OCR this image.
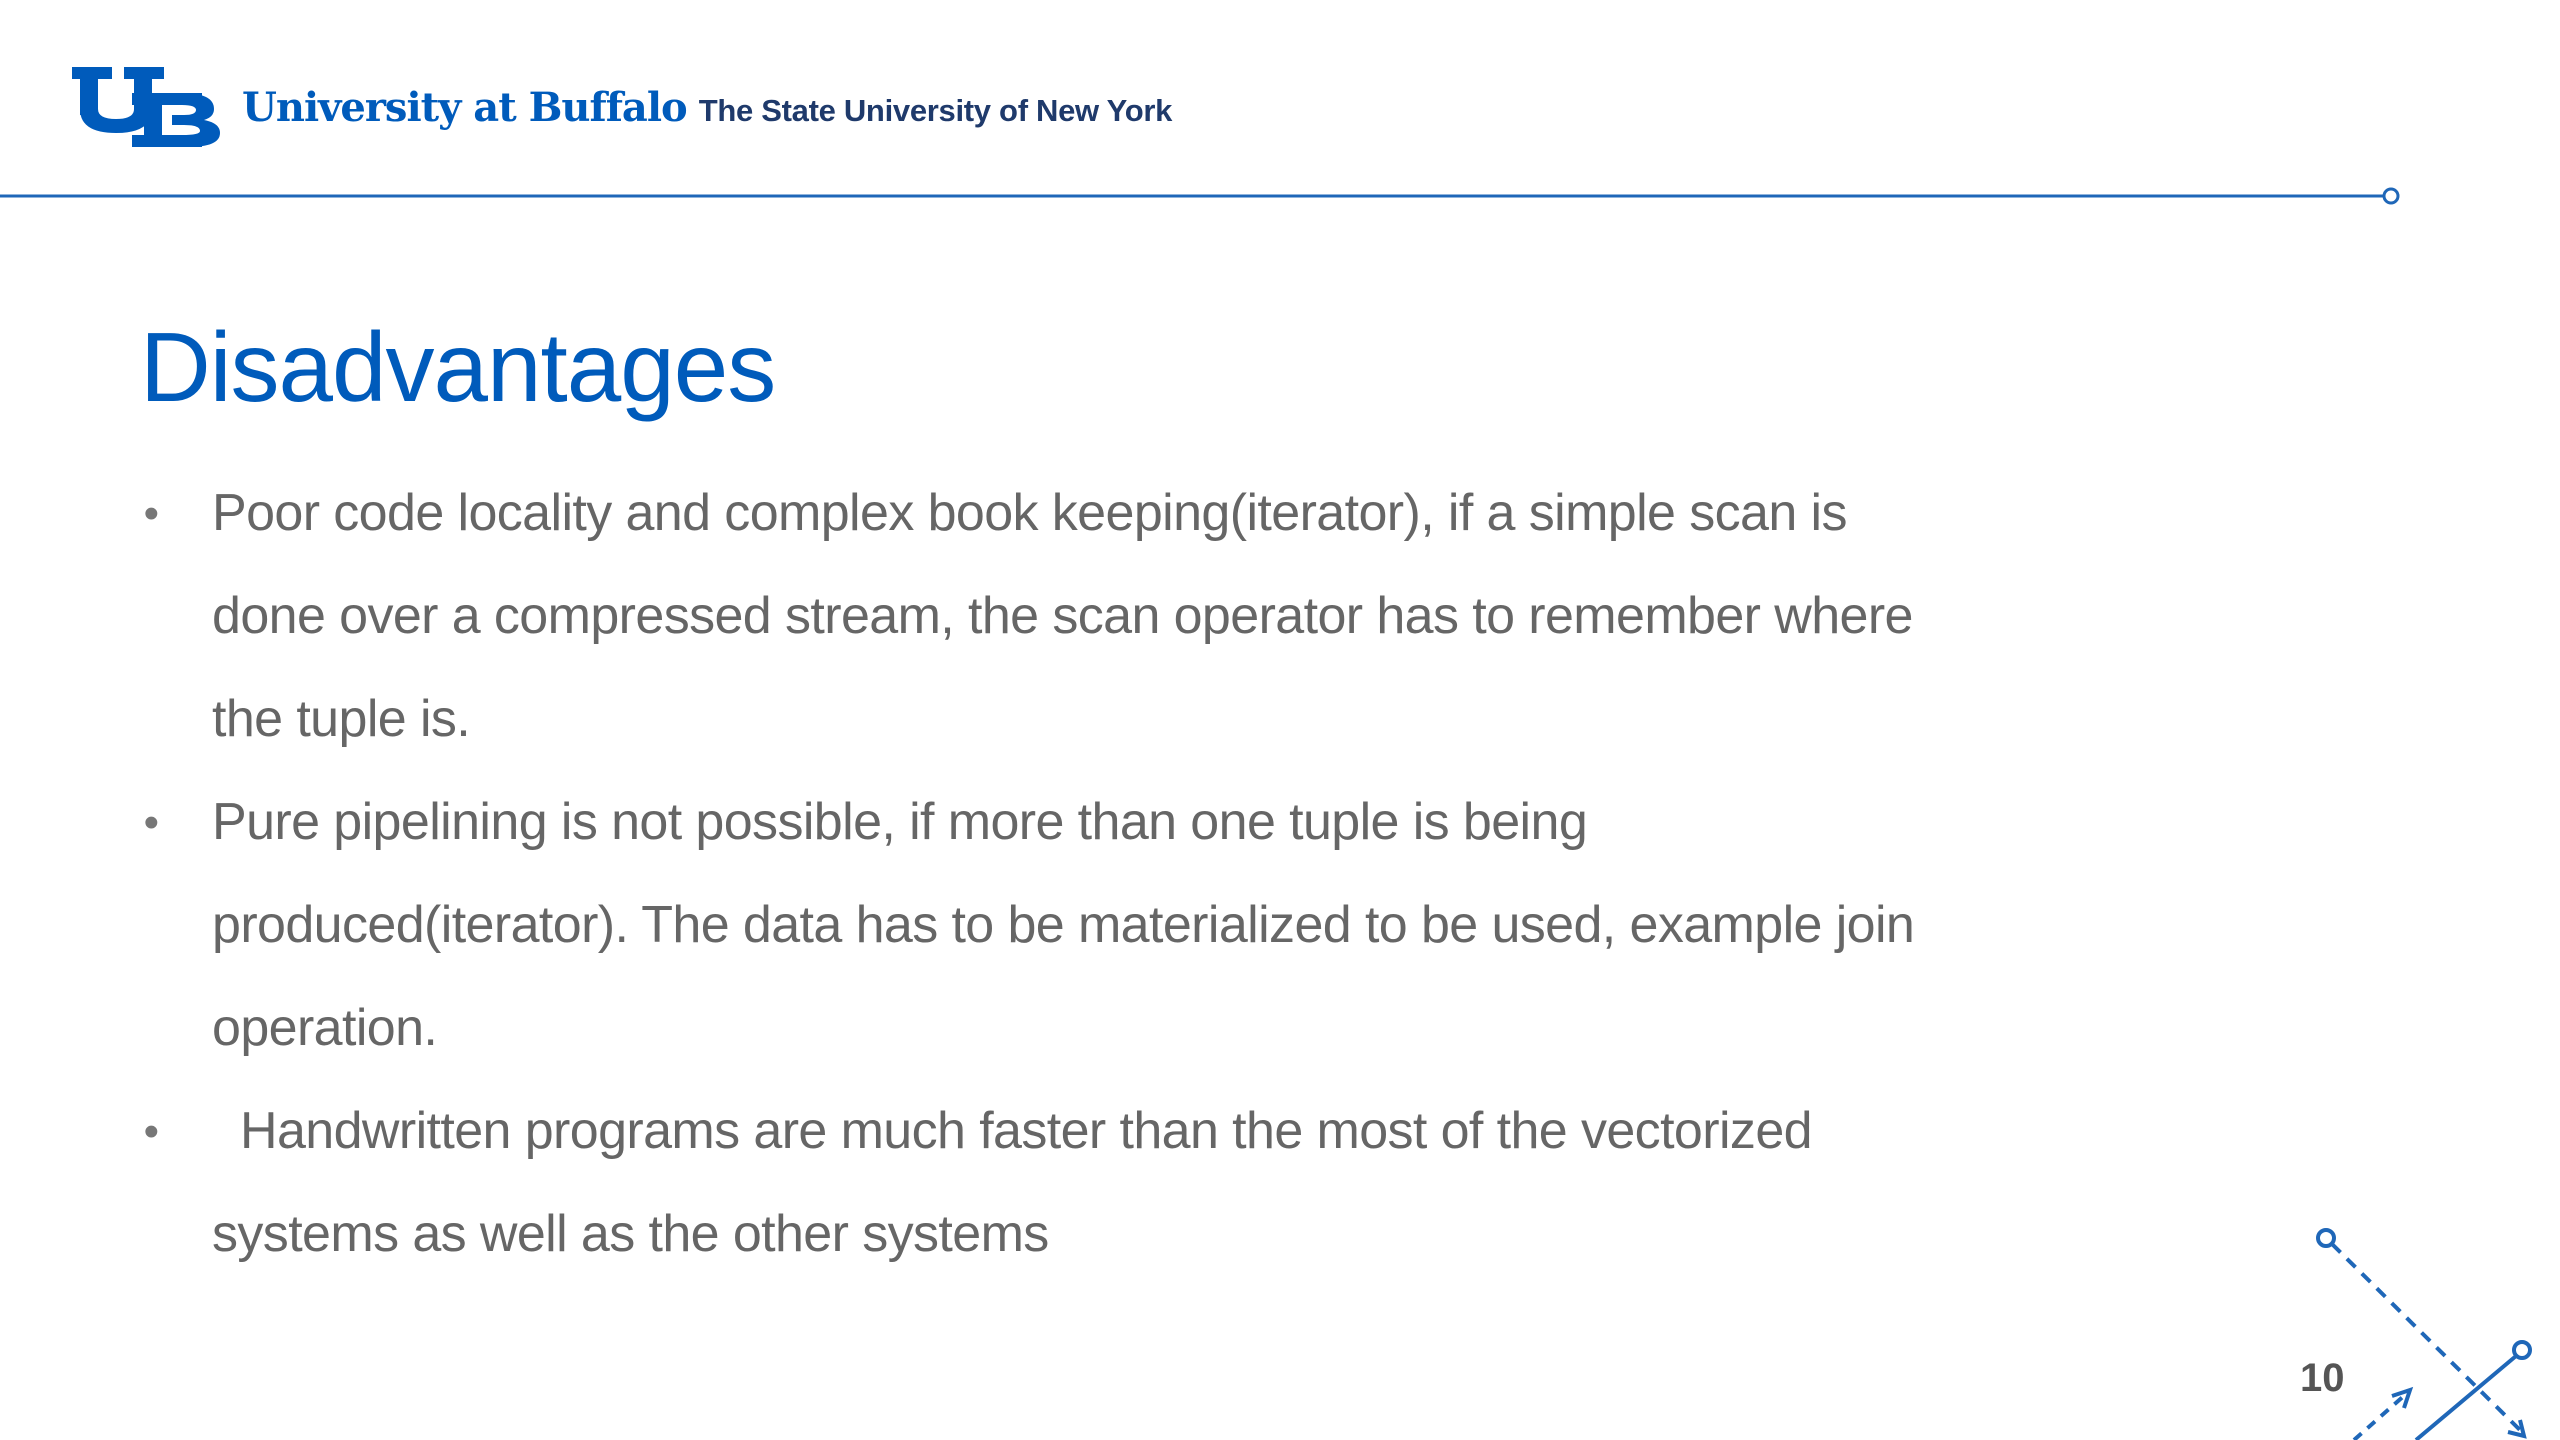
University at Buffalo The State University of New York
Disadvantages
• Poor code locality and complex book keeping(iterator), if a simple scan is done over a compressed stream, the scan operator has to remember where the tuple is.
• Pure pipelining is not possible, if more than one tuple is being produced(iterator). The data has to be materialized to be used, example join operation.
• Handwritten programs are much faster than the most of the vectorized systems as well as the other systems
10
